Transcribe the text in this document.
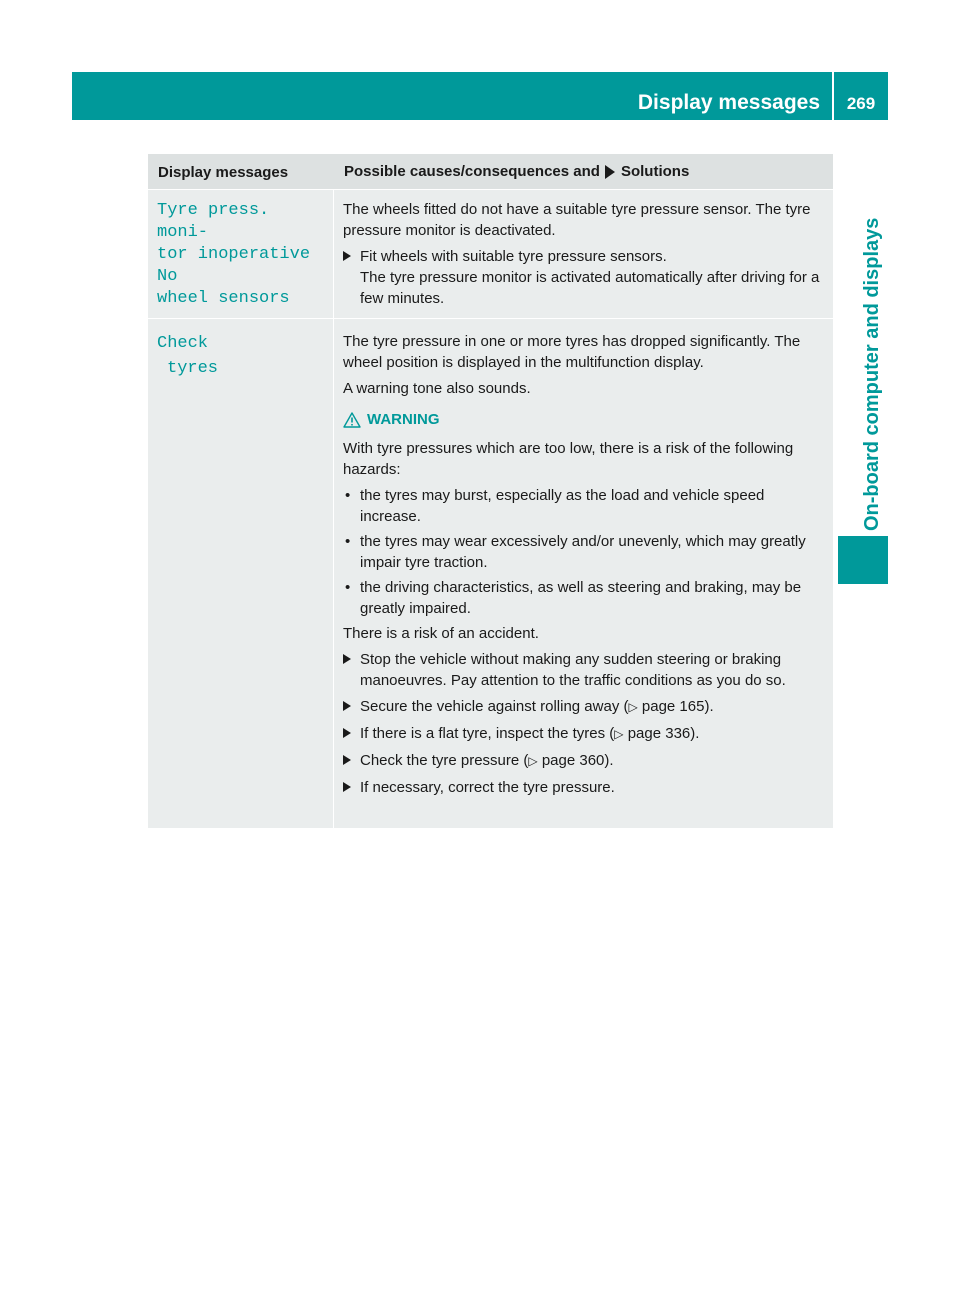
Display messages	269
On-board computer and displays
Display messages	Possible causes/consequences and Solutions
Tyre press. moni-
tor inoperative No
wheel sensors

The wheels fitted do not have a suitable tyre pressure sensor. The tyre pressure monitor is deactivated.

Fit wheels with suitable tyre pressure sensors.
The tyre pressure monitor is activated automatically after driving for a few minutes.
Check
tyres

The tyre pressure in one or more tyres has dropped significantly. The wheel position is displayed in the multifunction display.

A warning tone also sounds.

WARNING

With tyre pressures which are too low, there is a risk of the following hazards:

• the tyres may burst, especially as the load and vehicle speed increase.
• the tyres may wear excessively and/or unevenly, which may greatly impair tyre traction.
• the driving characteristics, as well as steering and braking, may be greatly impaired.

There is a risk of an accident.

Stop the vehicle without making any sudden steering or braking manoeuvres. Pay attention to the traffic conditions as you do so.
Secure the vehicle against rolling away (▷ page 165).
If there is a flat tyre, inspect the tyres (▷ page 336).
Check the tyre pressure (▷ page 360).
If necessary, correct the tyre pressure.
